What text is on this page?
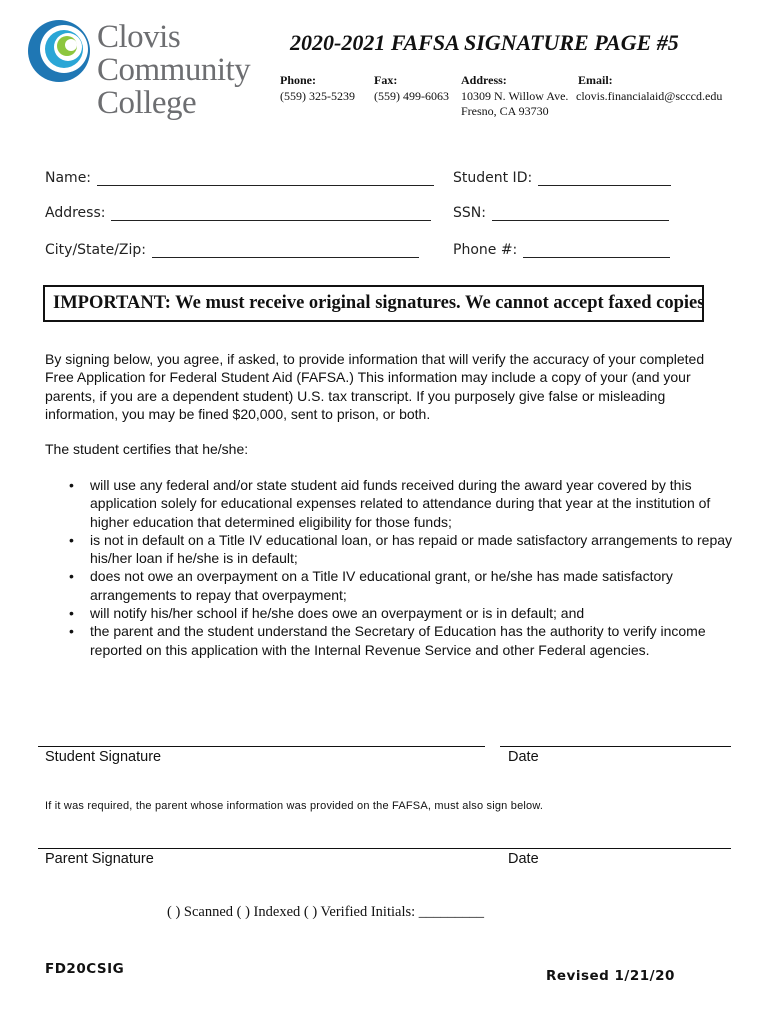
Clovis
Community
College
2020-2021 FAFSA SIGNATURE PAGE #5
Phone:
(559) 325-5239
Fax:
(559) 499-6063
Address:
10309 N. Willow Ave.
Fresno, CA 93730
Email:
clovis.financialaid@scccd.edu
Name:	Student ID:
Address:	SSN:
City/State/Zip:	Phone #:
IMPORTANT: We must receive original signatures. We cannot accept faxed copies
By signing below, you agree, if asked, to provide information that will verify the accuracy of your completed Free Application for Federal Student Aid (FAFSA.) This information may include a copy of your (and your parents, if you are a dependent student) U.S. tax transcript. If you purposely give false or misleading information, you may be fined $20,000, sent to prison, or both.
The student certifies that he/she:
• will use any federal and/or state student aid funds received during the award year covered by this application solely for educational expenses related to attendance during that year at the institution of higher education that determined eligibility for those funds;
• is not in default on a Title IV educational loan, or has repaid or made satisfactory arrangements to repay his/her loan if he/she is in default;
• does not owe an overpayment on a Title IV educational grant, or he/she has made satisfactory arrangements to repay that overpayment;
• will notify his/her school if he/she does owe an overpayment or is in default; and
• the parent and the student understand the Secretary of Education has the authority to verify income reported on this application with the Internal Revenue Service and other Federal agencies.
Student Signature	Date
If it was required, the parent whose information was provided on the FAFSA, must also sign below.
Parent Signature	Date
( ) Scanned ( ) Indexed ( ) Verified Initials: _________
FD20CSIG	Revised 1/21/20
